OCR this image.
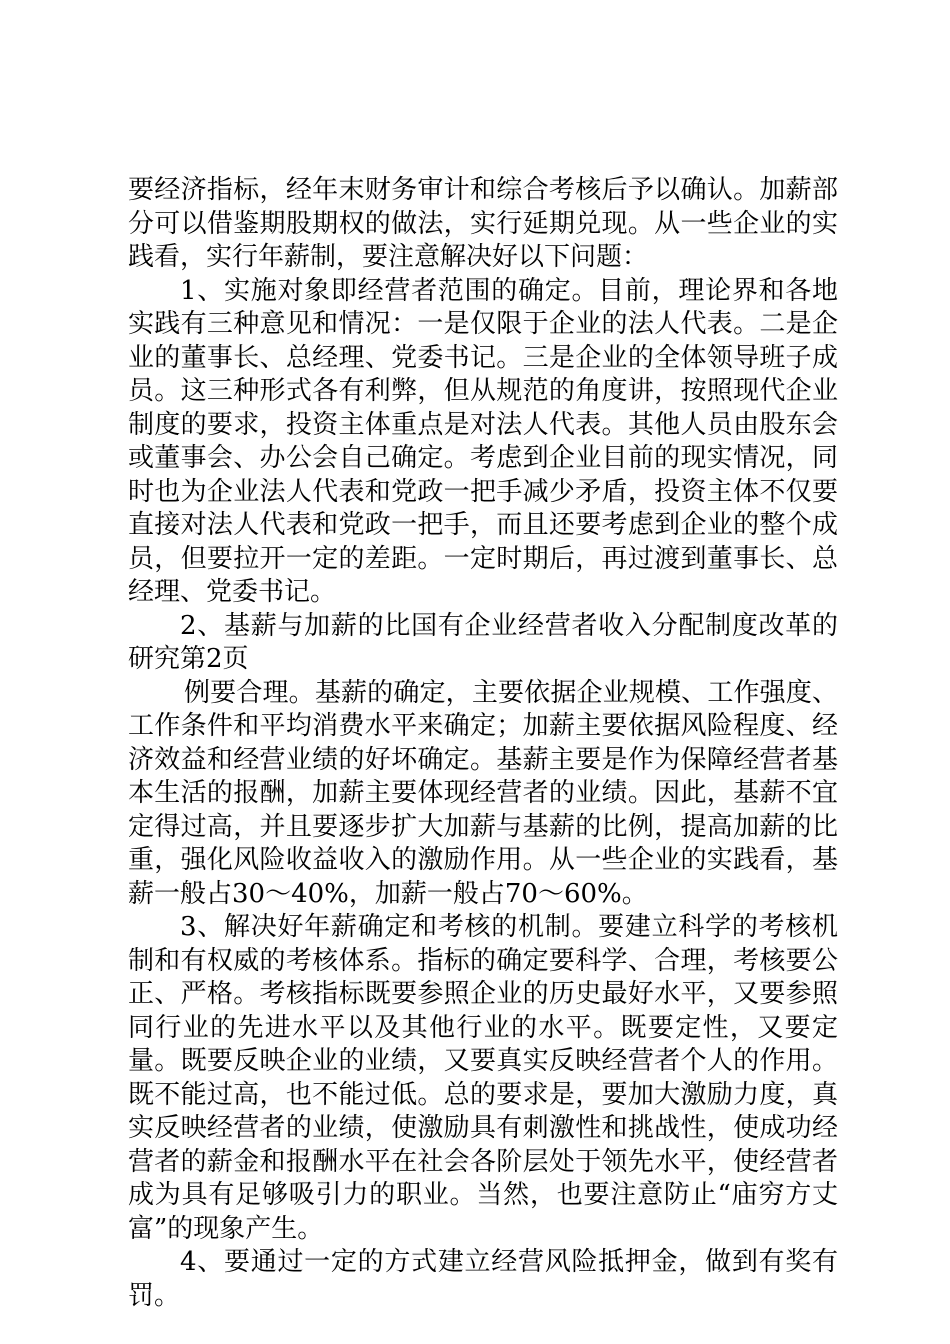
要经济指标，经年末财务审计和综合考核后予以确认。加薪部分可以借鉴期股期权的做法，实行延期兑现。从一些企业的实践看，实行年薪制，要注意解决好以下问题：

1、实施对象即经营者范围的确定。目前，理论界和各地实践有三种意见和情况：一是仅限于企业的法人代表。二是企业的董事长、总经理、党委书记。三是企业的全体领导班子成员。这三种形式各有利弊，但从规范的角度讲，按照现代企业制度的要求，投资主体重点是对法人代表。其他人员由股东会或董事会、办公会自己确定。考虑到企业目前的现实情况，同时也为企业法人代表和党政一把手减少矛盾，投资主体不仅要直接对法人代表和党政一把手，而且还要考虑到企业的整个成员，但要拉开一定的差距。一定时期后，再过渡到董事长、总经理、党委书记。

2、基薪与加薪的比国有企业经营者收入分配制度改革的研究第2页

例要合理。基薪的确定，主要依据企业规模、工作强度、工作条件和平均消费水平来确定；加薪主要依据风险程度、经济效益和经营业绩的好坏确定。基薪主要是作为保障经营者基本生活的报酬，加薪主要体现经营者的业绩。因此，基薪不宜定得过高，并且要逐步扩大加薪与基薪的比例，提高加薪的比重，强化风险收益收入的激励作用。从一些企业的实践看，基薪一般占30～40%，加薪一般占70～60%。

3、解决好年薪确定和考核的机制。要建立科学的考核机制和有权威的考核体系。指标的确定要科学、合理，考核要公正、严格。考核指标既要参照企业的历史最好水平，又要参照同行业的先进水平以及其他行业的水平。既要定性，又要定量。既要反映企业的业绩，又要真实反映经营者个人的作用。既不能过高，也不能过低。总的要求是，要加大激励力度，真实反映经营者的业绩，使激励具有刺激性和挑战性，使成功经营者的薪金和报酬水平在社会各阶层处于领先水平，使经营者成为具有足够吸引力的职业。当然，也要注意防止“庙穷方丈富”的现象产生。

4、要通过一定的方式建立经营风险抵押金，做到有奖有罚。
